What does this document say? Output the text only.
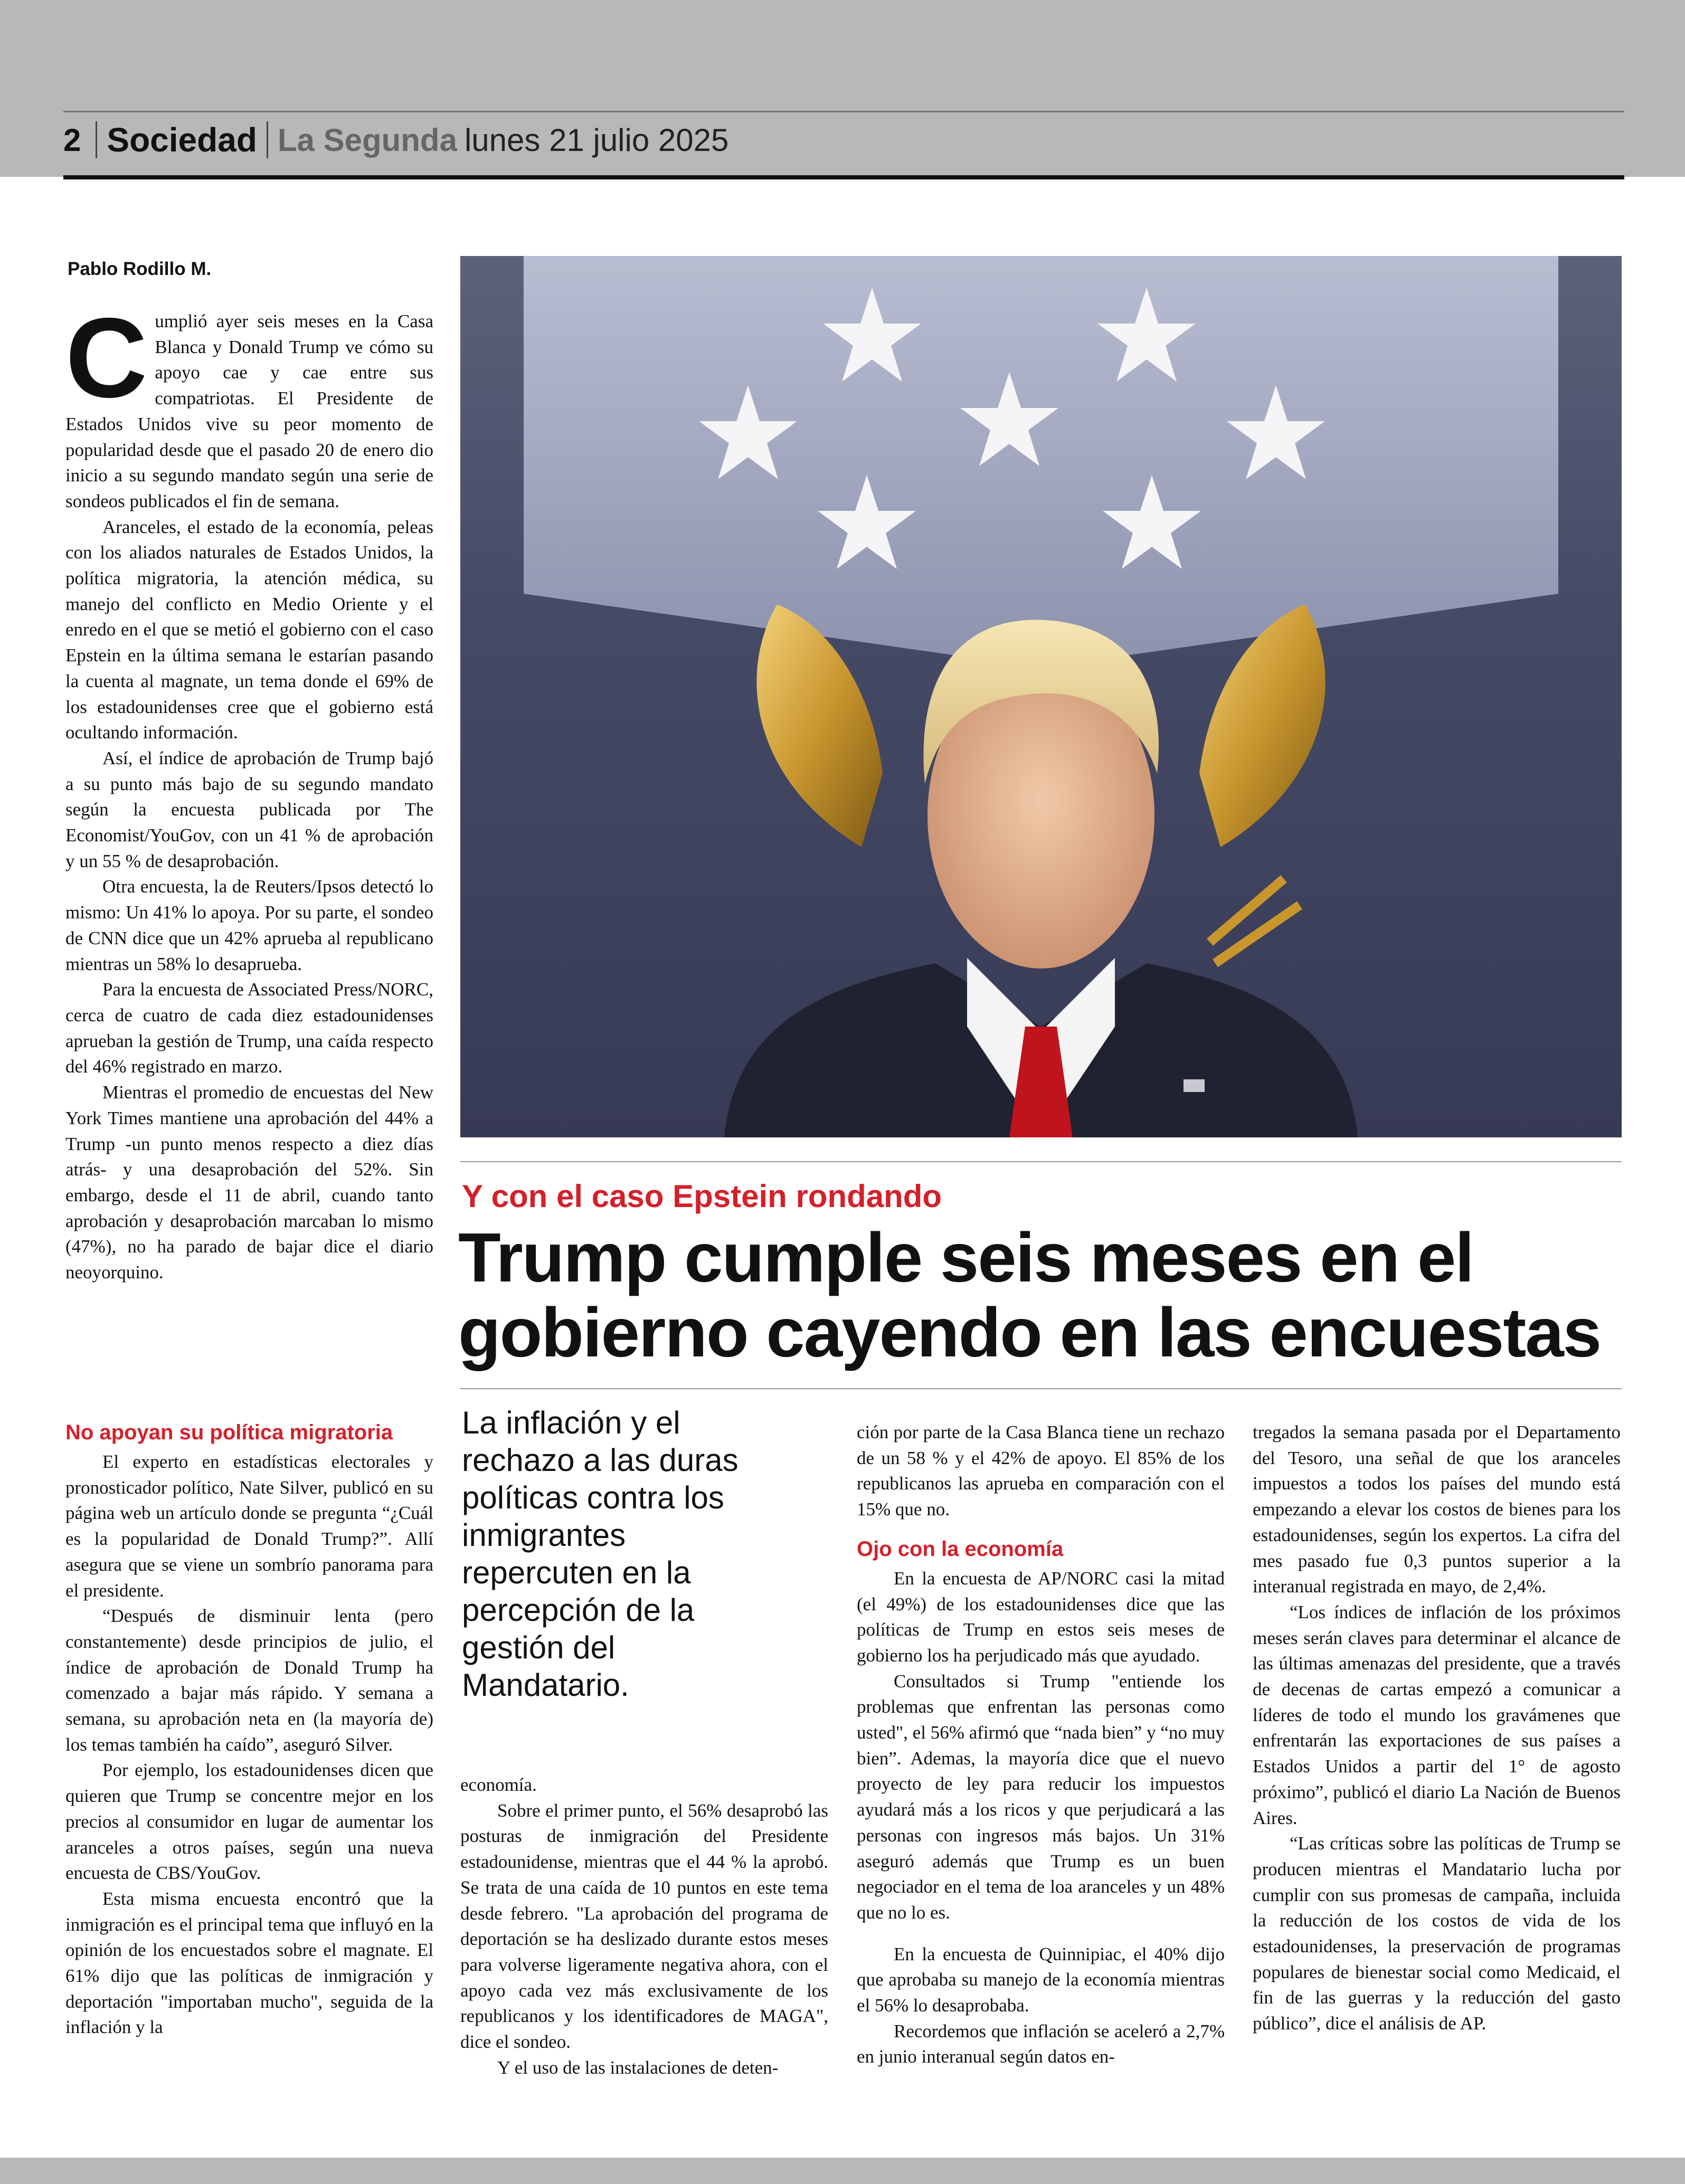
2 Sociedad La Segunda lunes 21 julio 2025
Pablo Rodillo M.

Cumplió ayer seis meses en la Casa Blanca y Donald Trump ve cómo su apoyo cae y cae entre sus compatriotas. El Presidente de Estados Unidos vive su peor momento de popularidad desde que el pasado 20 de enero dio inicio a su segundo mandato según una serie de sondeos publicados el fin de semana.

Aranceles, el estado de la economía, peleas con los aliados naturales de Estados Unidos, la política migratoria, la atención médica, su manejo del conflicto en Medio Oriente y el enredo en el que se metió el gobierno con el caso Epstein en la última semana le estarían pasando la cuenta al magnate, un tema donde el 69% de los estadounidenses cree que el gobierno está ocultando información.

Así, el índice de aprobación de Trump bajó a su punto más bajo de su segundo mandato según la encuesta publicada por The Economist/YouGov, con un 41 % de aprobación y un 55 % de desaprobación.

Otra encuesta, la de Reuters/Ipsos detectó lo mismo: Un 41% lo apoya. Por su parte, el sondeo de CNN dice que un 42% aprueba al republicano mientras un 58% lo desaprueba.

Para la encuesta de Associated Press/NORC, cerca de cuatro de cada diez estadounidenses aprueban la gestión de Trump, una caída respecto del 46% registrado en marzo.

Mientras el promedio de encuestas del New York Times mantiene una aprobación del 44% a Trump -un punto menos respecto a diez días atrás- y una desaprobación del 52%. Sin embargo, desde el 11 de abril, cuando tanto aprobación y desaprobación marcaban lo mismo (47%), no ha parado de bajar dice el diario neoyorquino.

No apoyan su política migratoria

El experto en estadísticas electorales y pronosticador político, Nate Silver, publicó en su página web un artículo donde se pregunta “¿Cuál es la popularidad de Donald Trump?”. Allí asegura que se viene un sombrío panorama para el presidente.

“Después de disminuir lenta (pero constantemente) desde principios de julio, el índice de aprobación de Donald Trump ha comenzado a bajar más rápido. Y semana a semana, su aprobación neta en (la mayoría de) los temas también ha caído”, aseguró Silver.

Por ejemplo, los estadounidenses dicen que quieren que Trump se concentre mejor en los precios al consumidor en lugar de aumentar los aranceles a otros países, según una nueva encuesta de CBS/YouGov.

Esta misma encuesta encontró que la inmigración es el principal tema que influyó en la opinión de los encuestados sobre el magnate. El 61% dijo que las políticas de inmigración y deportación "importaban mucho", seguida de la inflación y la

Y con el caso Epstein rondando
Trump cumple seis meses en el gobierno cayendo en las encuestas
La inflación y el rechazo a las duras políticas contra los inmigrantes repercuten en la percepción de la gestión del Mandatario.

economía.

Sobre el primer punto, el 56% desaprobó las posturas de inmigración del Presidente estadounidense, mientras que el 44 % la aprobó. Se trata de una caída de 10 puntos en este tema desde febrero. "La aprobación del programa de deportación se ha deslizado durante estos meses para volverse ligeramente negativa ahora, con el apoyo cada vez más exclusivamente de los republicanos y los identificadores de MAGA", dice el sondeo.

Y el uso de las instalaciones de deten-

ción por parte de la Casa Blanca tiene un rechazo de un 58 % y el 42% de apoyo. El 85% de los republicanos las aprueba en comparación con el 15% que no.

Ojo con la economía

En la encuesta de AP/NORC casi la mitad (el 49%) de los estadounidenses dice que las políticas de Trump en estos seis meses de gobierno los ha perjudicado más que ayudado.

Consultados si Trump "entiende los problemas que enfrentan las personas como usted", el 56% afirmó que “nada bien” y “no muy bien”. Ademas, la mayoría dice que el nuevo proyecto de ley para reducir los impuestos ayudará más a los ricos y que perjudicará a las personas con ingresos más bajos. Un 31% aseguró además que Trump es un buen negociador en el tema de loa aranceles y un 48% que no lo es.

En la encuesta de Quinnipiac, el 40% dijo que aprobaba su manejo de la economía mientras el 56% lo desaprobaba.

Recordemos que inflación se aceleró a 2,7% en junio interanual según datos en-

tregados la semana pasada por el Departamento del Tesoro, una señal de que los aranceles impuestos a todos los países del mundo está empezando a elevar los costos de bienes para los estadounidenses, según los expertos. La cifra del mes pasado fue 0,3 puntos superior a la interanual registrada en mayo, de 2,4%.

“Los índices de inflación de los próximos meses serán claves para determinar el alcance de las últimas amenazas del presidente, que a través de decenas de cartas empezó a comunicar a líderes de todo el mundo los gravámenes que enfrentarán las exportaciones de sus países a Estados Unidos a partir del 1° de agosto próximo”, publicó el diario La Nación de Buenos Aires.

“Las críticas sobre las políticas de Trump se producen mientras el Mandatario lucha por cumplir con sus promesas de campaña, incluida la reducción de los costos de vida de los estadounidenses, la preservación de programas populares de bienestar social como Medicaid, el fin de las guerras y la reducción del gasto público”, dice el análisis de AP.
